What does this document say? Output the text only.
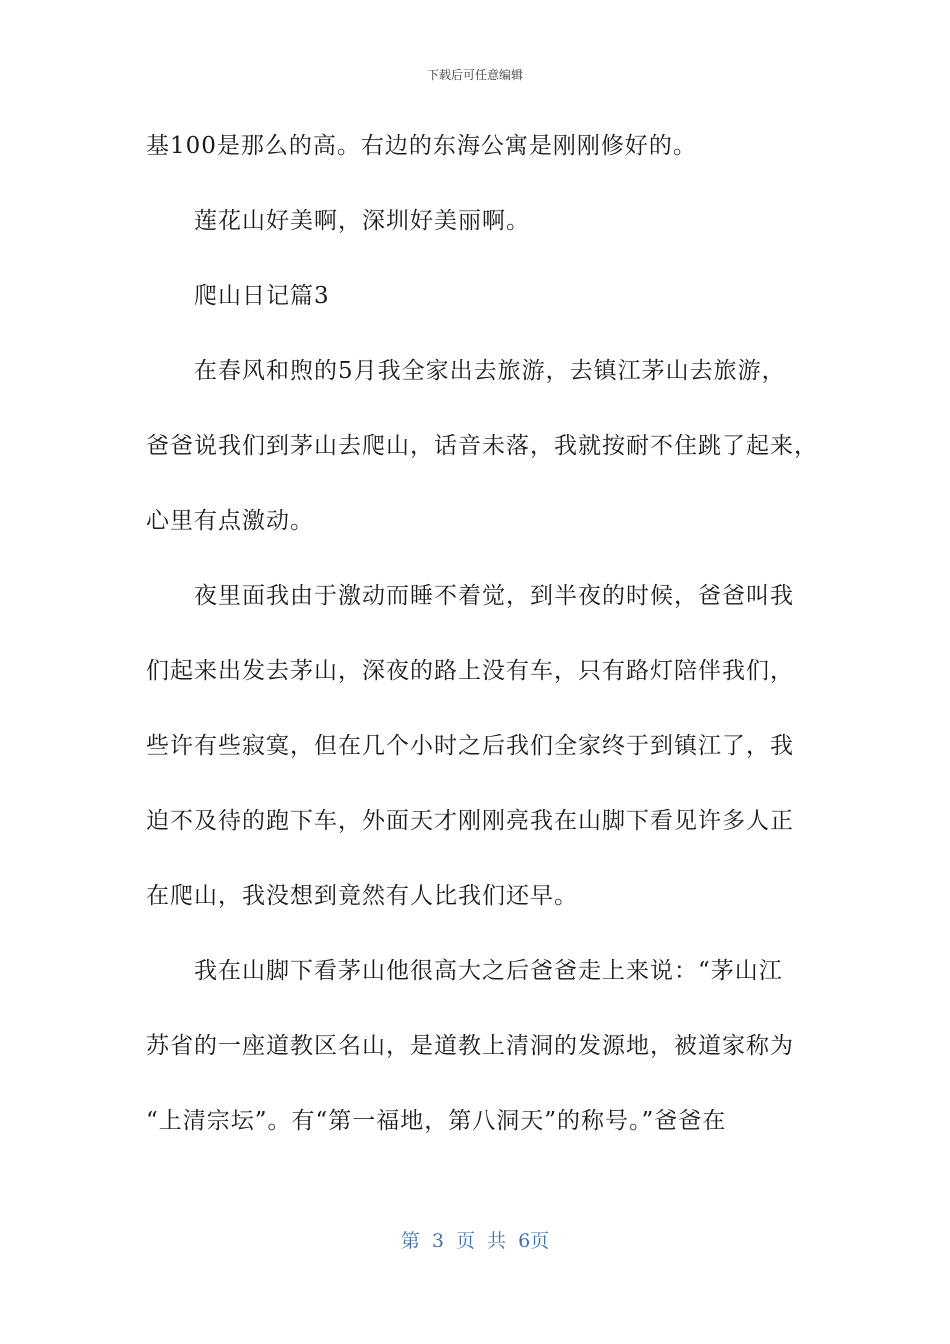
下载后可任意编辑
基100是那么的高。右边的东海公寓是刚刚修好的。
　　莲花山好美啊，深圳好美丽啊。
　　爬山日记篇3
　　在春风和煦的5月我全家出去旅游，去镇江茅山去旅游，
爸爸说我们到茅山去爬山，话音未落，我就按耐不住跳了起来，
心里有点激动。
　　夜里面我由于激动而睡不着觉，到半夜的时候，爸爸叫我
们起来出发去茅山，深夜的路上没有车，只有路灯陪伴我们，
些许有些寂寞，但在几个小时之后我们全家终于到镇江了，我
迫不及待的跑下车，外面天才刚刚亮我在山脚下看见许多人正
在爬山，我没想到竟然有人比我们还早。
　　我在山脚下看茅山他很高大之后爸爸走上来说：“茅山江
苏省的一座道教区名山，是道教上清洞的发源地，被道家称为
“上清宗坛”。有“第一福地，第八洞天”的称号。”爸爸在
第 3 页 共 6页
